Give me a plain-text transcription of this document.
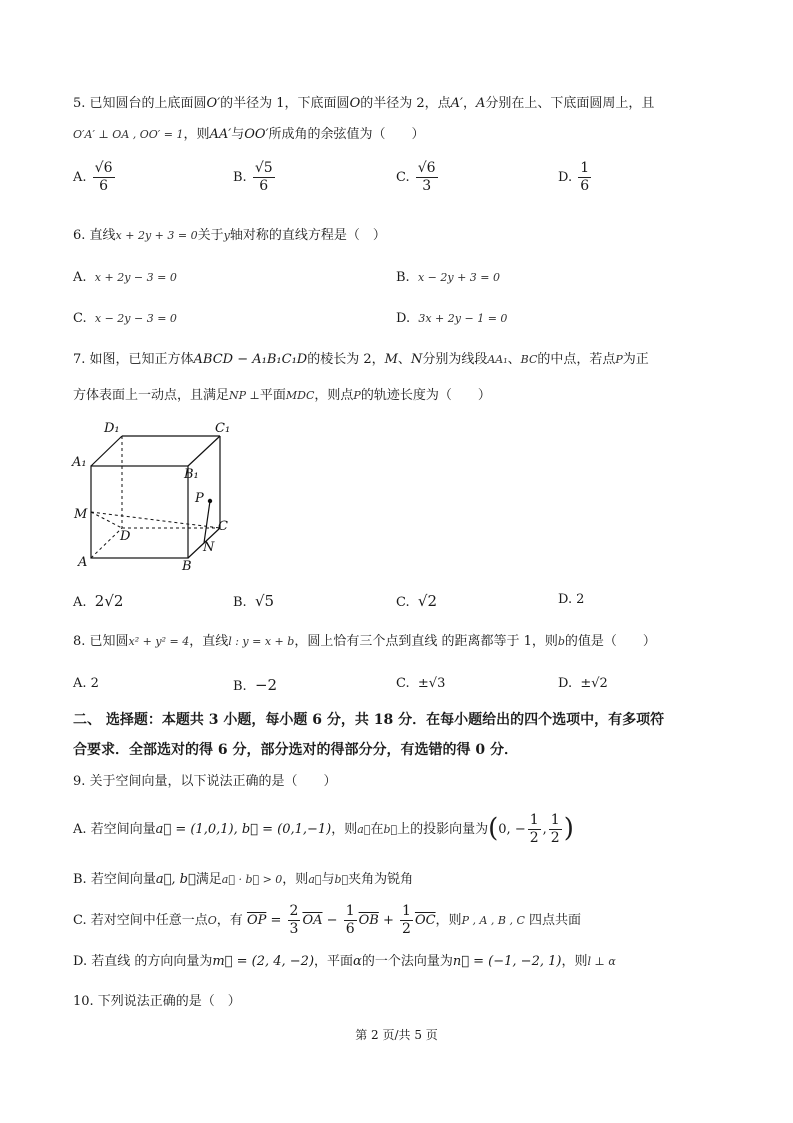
5. 已知圆台的上底面圆O′的半径为 1，下底面圆O的半径为 2，点A′，A分别在上、下底面圆周上，且
O′A′ ⊥ OA , OO′ = 1，则AA′与OO′所成角的余弦值为（　　）
A. $\frac{√6}{6}$	B. $\frac{√5}{6}$	C. $\frac{√6}{3}$	D. $\frac{1}{6}$
6. 直线x + 2y + 3 = 0关于y轴对称的直线方程是（　）
A. x + 2y − 3 = 0	B. x − 2y + 3 = 0
C. x − 2y − 3 = 0	D. 3x + 2y − 1 = 0
7. 如图，已知正方体ABCD − A₁B₁C₁D的棱长为 2，M、N分别为线段AA₁、BC的中点，若点P为正
方体表面上一动点，且满足NP ⊥平面MDC，则点P的轨迹长度为（　　）
D₁	C₁
A₁
B₁
P
M
D
C
N
A	B
A. 2√2	B. √5	C. √2	D. 2
8. 已知圆x² + y² = 4，直线l : y = x + b，圆上恰有三个点到直线 的距离都等于 1，则b的值是（　　）
A. 2	B. −2	C. ±√3	D. ±√2
二、 选择题：本题共 3 小题，每小题 6 分，共 18 分．在每小题给出的四个选项中，有多项符
合要求．全部选对的得 6 分，部分选对的得部分分，有选错的得 0 分．
9. 关于空间向量，以下说法正确的是（　　）
A. 若空间向量a⃗ = (1,0,1), b⃗ = (0,1,−1)，则a⃗在b⃗上的投影向量为(0, − $\frac{1}{2}$ , $\frac{1}{2}$ )
B. 若空间向量a⃗, b⃗满足a⃗ · b⃗ > 0，则a⃗与b⃗夹角为锐角
C. 若对空间中任意一点O，有 $\overline{OP} = \frac{2}{3} \overline{OA} - \frac{1}{6} \overline{OB} + \frac{1}{2} \overline{OC}$，则P , A , B , C 四点共面
D. 若直线 的方向向量为m⃗ = (2, 4, −2)，平面α的一个法向量为n⃗ = (−1, −2, 1)，则l ⊥ α
10. 下列说法正确的是（　）
第 2 页/共 5 页
